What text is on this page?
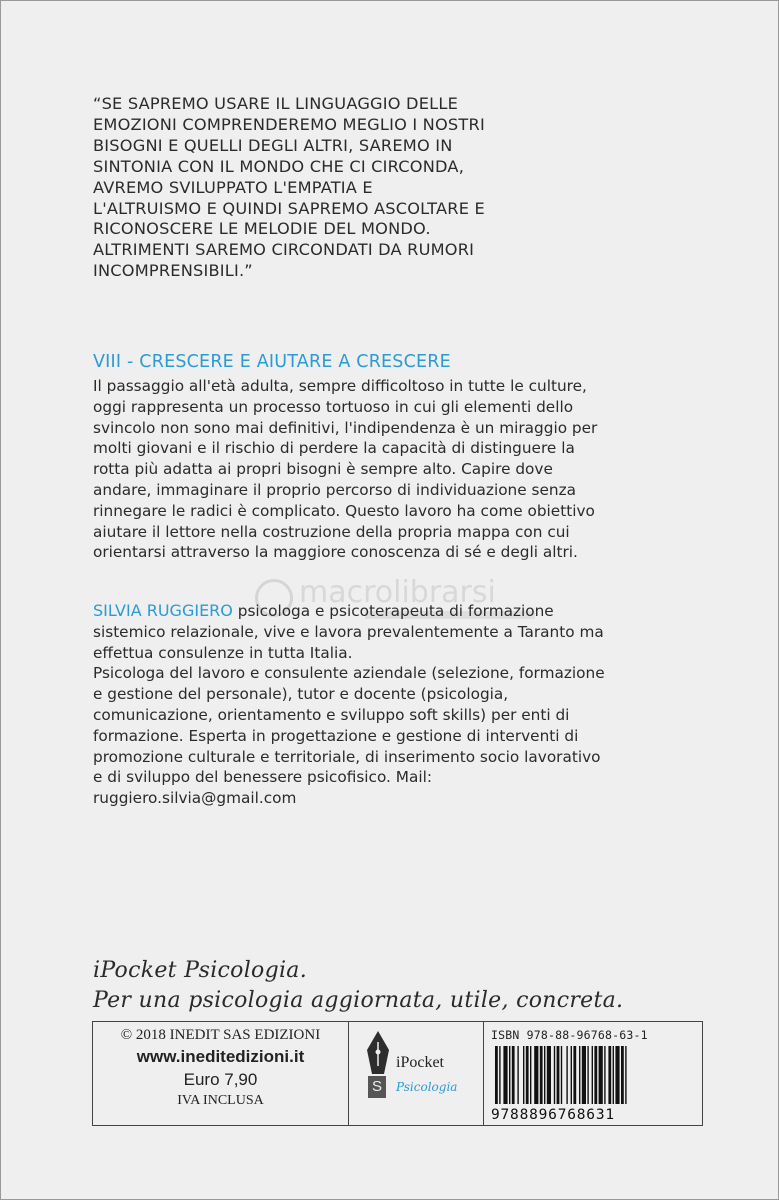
“SE SAPREMO USARE IL LINGUAGGIO DELLE
EMOZIONI COMPRENDEREMO MEGLIO I NOSTRI
BISOGNI E QUELLI DEGLI ALTRI, SAREMO IN
SINTONIA CON IL MONDO CHE CI CIRCONDA,
AVREMO SVILUPPATO L'EMPATIA E
L'ALTRUISMO E QUINDI SAPREMO ASCOLTARE E
RICONOSCERE LE MELODIE DEL MONDO.
ALTRIMENTI SAREMO CIRCONDATI DA RUMORI
INCOMPRENSIBILI.”
VIII - CRESCERE E AIUTARE A CRESCERE
Il passaggio all'età adulta, sempre difficoltoso in tutte le culture,
oggi rappresenta un processo tortuoso in cui gli elementi dello
svincolo non sono mai definitivi, l'indipendenza è un miraggio per
molti giovani e il rischio di perdere la capacità di distinguere la
rotta più adatta ai propri bisogni è sempre alto. Capire dove
andare, immaginare il proprio percorso di individuazione senza
rinnegare le radici è complicato. Questo lavoro ha come obiettivo
aiutare il lettore nella costruzione della propria mappa con cui
orientarsi attraverso la maggiore conoscenza di sé e degli altri.
macrolibrarsi
SILVIA RUGGIERO psicologa e psicoterapeuta di formazione
sistemico relazionale, vive e lavora prevalentemente a Taranto ma
effettua consulenze in tutta Italia.
Psicologa del lavoro e consulente aziendale (selezione, formazione
e gestione del personale), tutor e docente (psicologia,
comunicazione, orientamento e sviluppo soft skills) per enti di
formazione. Esperta in progettazione e gestione di interventi di
promozione culturale e territoriale, di inserimento socio lavorativo
e di sviluppo del benessere psicofisico. Mail:
ruggiero.silvia@gmail.com
iPocket Psicologia.
Per una psicologia aggiornata, utile, concreta.
© 2018 INEDIT SAS EDIZIONI
www.ineditedizioni.it
Euro 7,90
IVA INCLUSA
S
iPocket
Psicologia
ISBN 978-88-96768-63-1
9788896768631
